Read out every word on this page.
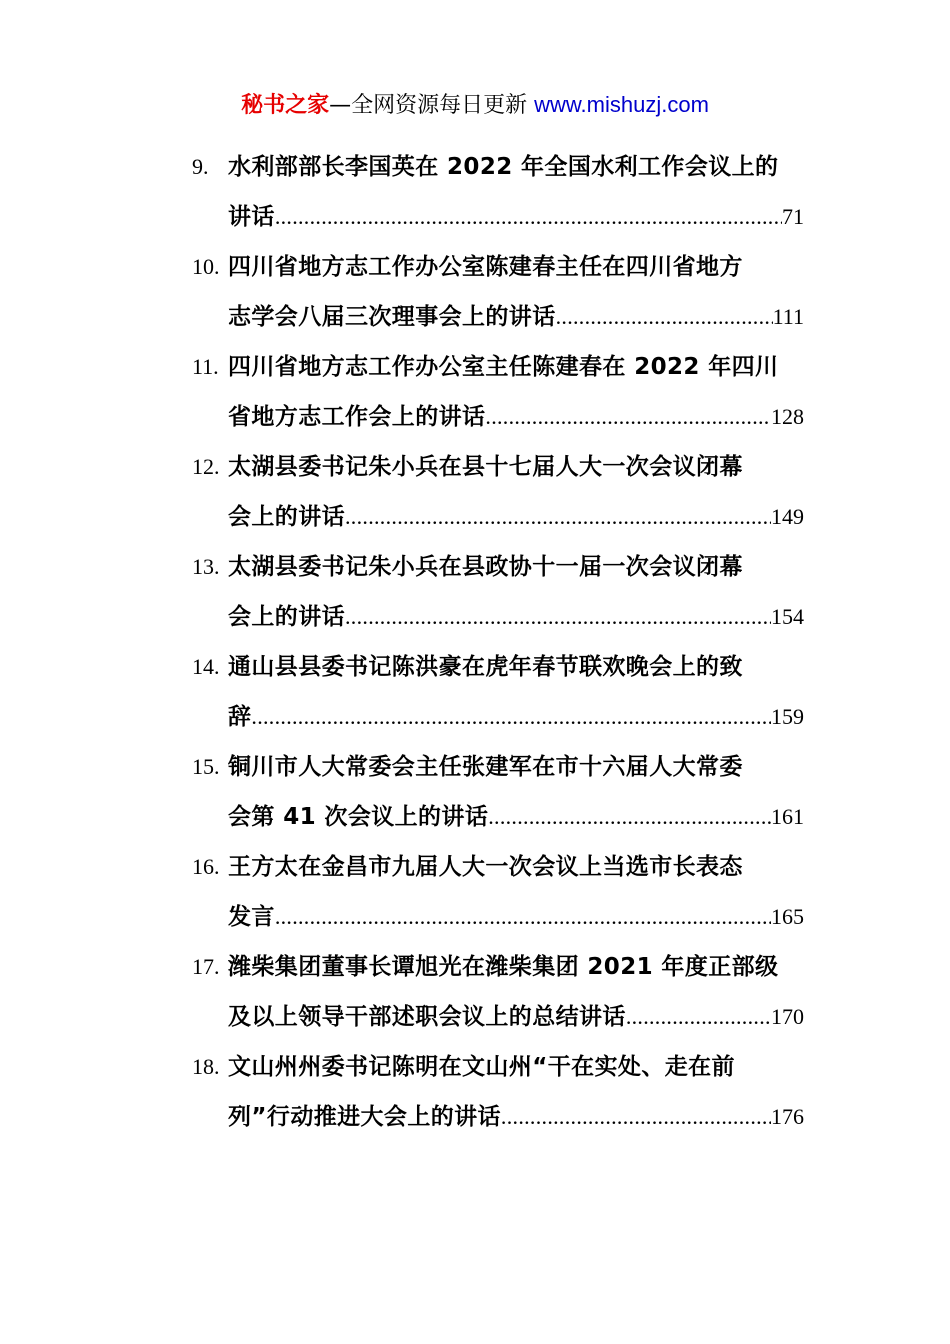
秘书之家—全网资源每日更新 www.mishuzj.com
9. 水利部部长李国英在 2022 年全国水利工作会议上的
讲话 .....	71
10. 四川省地方志工作办公室陈建春主任在四川省地方
志学会八届三次理事会上的讲话 .....	111
11. 四川省地方志工作办公室主任陈建春在 2022 年四川
省地方志工作会上的讲话 .....	128
12. 太湖县委书记朱小兵在县十七届人大一次会议闭幕
会上的讲话 .....	149
13. 太湖县委书记朱小兵在县政协十一届一次会议闭幕
会上的讲话 .....	154
14. 通山县县委书记陈洪豪在虎年春节联欢晚会上的致
辞 .....	159
15. 铜川市人大常委会主任张建军在市十六届人大常委
会第 41 次会议上的讲话 .....	161
16. 王方太在金昌市九届人大一次会议上当选市长表态
发言 .....	165
17. 潍柴集团董事长谭旭光在潍柴集团 2021 年度正部级
及以上领导干部述职会议上的总结讲话 .....	170
18. 文山州州委书记陈明在文山州“干在实处、走在前
列”行动推进大会上的讲话 .....	176
